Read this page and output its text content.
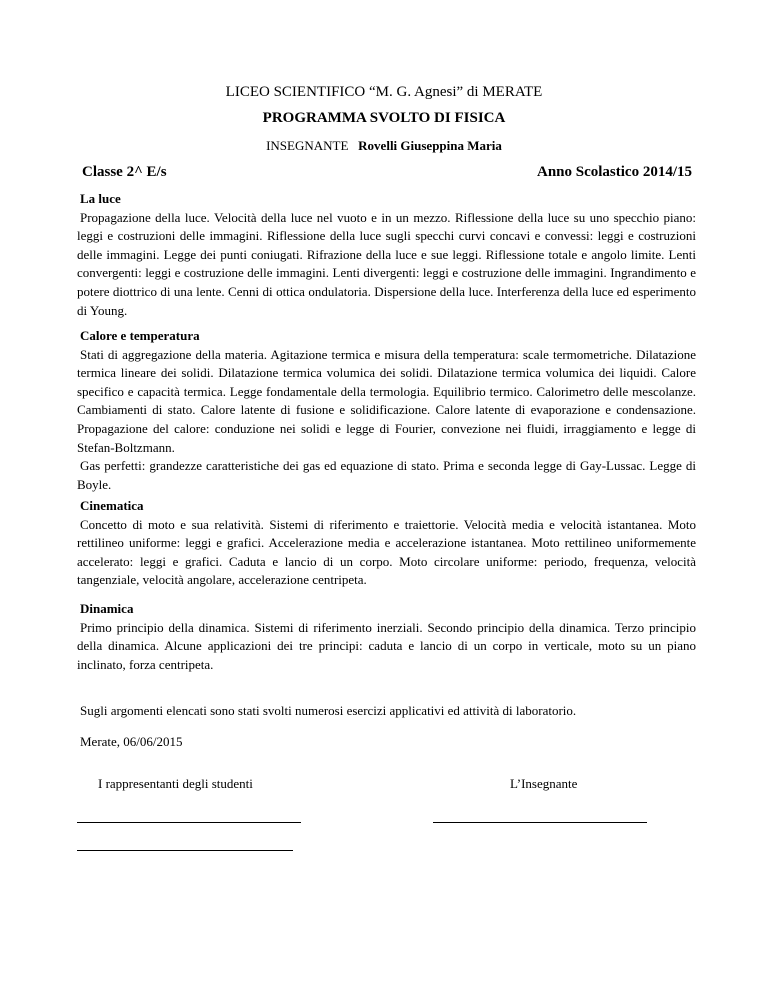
LICEO SCIENTIFICO “M. G. Agnesi” di MERATE
PROGRAMMA SVOLTO DI FISICA
INSEGNANTE Rovelli Giuseppina Maria
Classe 2^ E/s	Anno Scolastico 2014/15
La luce

Propagazione della luce. Velocità della luce nel vuoto e in un mezzo. Riflessione della luce su uno specchio piano: leggi e costruzioni delle immagini. Riflessione della luce sugli specchi curvi concavi e convessi: leggi e costruzioni delle immagini. Legge dei punti coniugati. Rifrazione della luce e sue leggi. Riflessione totale e angolo limite. Lenti convergenti: leggi e costruzione delle immagini. Lenti divergenti: leggi e costruzione delle immagini. Ingrandimento e potere diottrico di una lente. Cenni di ottica ondulatoria. Dispersione della luce. Interferenza della luce ed esperimento di Young.

Calore e temperatura

Stati di aggregazione della materia. Agitazione termica e misura della temperatura: scale termometriche. Dilatazione termica lineare dei solidi. Dilatazione termica volumica dei solidi. Dilatazione termica volumica dei liquidi. Calore specifico e capacità termica. Legge fondamentale della termologia. Equilibrio termico. Calorimetro delle mescolanze. Cambiamenti di stato. Calore latente di fusione e solidificazione. Calore latente di evaporazione e condensazione. Propagazione del calore: conduzione nei solidi e legge di Fourier, convezione nei fluidi, irraggiamento e legge di Stefan-Boltzmann.

Gas perfetti: grandezze caratteristiche dei gas ed equazione di stato. Prima e seconda legge di Gay-Lussac. Legge di Boyle.

Cinematica

Concetto di moto e sua relatività. Sistemi di riferimento e traiettorie. Velocità media e velocità istantanea. Moto rettilineo uniforme: leggi e grafici. Accelerazione media e accelerazione istantanea. Moto rettilineo uniformemente accelerato: leggi e grafici. Caduta e lancio di un corpo. Moto circolare uniforme: periodo, frequenza, velocità tangenziale, velocità angolare, accelerazione centripeta.

Dinamica

Primo principio della dinamica. Sistemi di riferimento inerziali. Secondo principio della dinamica. Terzo principio della dinamica. Alcune applicazioni dei tre principi: caduta e lancio di un corpo in verticale, moto su un piano inclinato, forza centripeta.

Sugli argomenti elencati sono stati svolti numerosi esercizi applicativi ed attività di laboratorio.
Merate, 06/06/2015
I rappresentanti degli studenti	L’Insegnante
